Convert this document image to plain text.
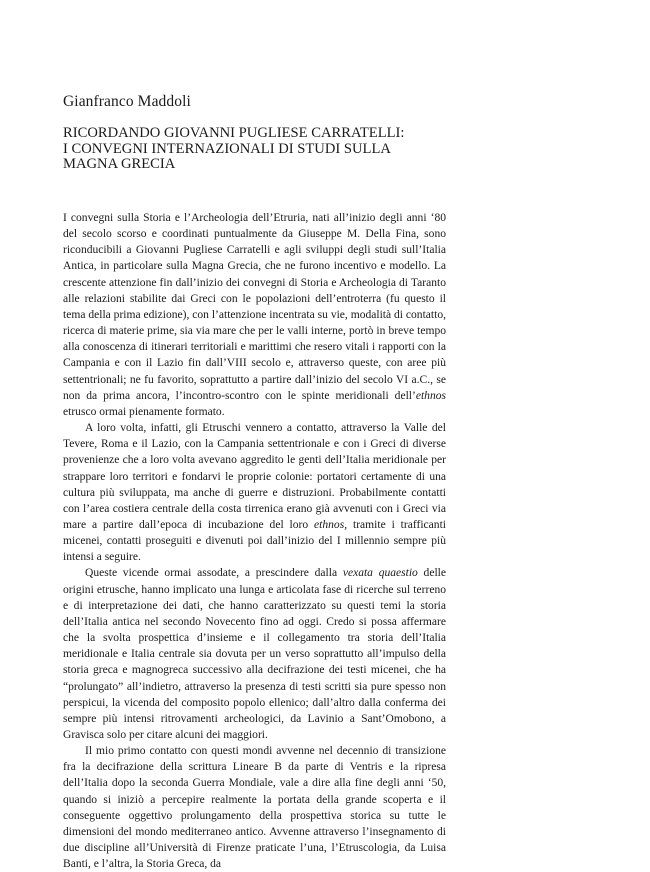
Gianfranco Maddoli
RICORDANDO GIOVANNI PUGLIESE CARRATELLI:
I CONVEGNI INTERNAZIONALI DI STUDI SULLA
MAGNA GRECIA

I convegni sulla Storia e l’Archeologia dell’Etruria, nati all’inizio degli anni ‘80 del secolo scorso e coordinati puntualmente da Giuseppe M. Della Fina, sono riconducibili a Giovanni Pugliese Carratelli e agli sviluppi degli studi sull’Italia Antica, in particolare sulla Magna Grecia, che ne furono incentivo e modello. La crescente attenzione fin dall’inizio dei convegni di Storia e Archeologia di Taranto alle relazioni stabilite dai Greci con le popolazioni dell’entroterra (fu questo il tema della prima edizione), con l’attenzione incentrata su vie, modalità di contatto, ricerca di materie prime, sia via mare che per le valli interne, portò in breve tempo alla conoscenza di itinerari territoriali e marittimi che resero vitali i rapporti con la Campania e con il Lazio fin dall’VIII secolo e, attraverso queste, con aree più settentrionali; ne fu favorito, soprattutto a partire dall’inizio del secolo VI a.C., se non da prima ancora, l’incontro-scontro con le spinte meridionali dell’ethnos etrusco ormai pienamente formato.

A loro volta, infatti, gli Etruschi vennero a contatto, attraverso la Valle del Tevere, Roma e il Lazio, con la Campania settentrionale e con i Greci di diverse provenienze che a loro volta avevano aggredito le genti dell’Italia meridionale per strappare loro territori e fondarvi le proprie colonie: portatori certamente di una cultura più sviluppata, ma anche di guerre e distruzioni. Probabilmente contatti con l’area costiera centrale della costa tirrenica erano già avvenuti con i Greci via mare a partire dall’epoca di incubazione del loro ethnos, tramite i trafficanti micenei, contatti proseguiti e divenuti poi dall’inizio del I millennio sempre più intensi a seguire.

Queste vicende ormai assodate, a prescindere dalla vexata quaestio delle origini etrusche, hanno implicato una lunga e articolata fase di ricerche sul terreno e di interpretazione dei dati, che hanno caratterizzato su questi temi la storia dell’Italia antica nel secondo Novecento fino ad oggi. Credo si possa affermare che la svolta prospettica d’insieme e il collegamento tra storia dell’Italia meridionale e Italia centrale sia dovuta per un verso soprattutto all’impulso della storia greca e magnogreca successivo alla decifrazione dei testi micenei, che ha “prolungato” all’indietro, attraverso la presenza di testi scritti sia pure spesso non perspicui, la vicenda del composito popolo ellenico; dall’altro dalla conferma dei sempre più intensi ritrovamenti archeologici, da Lavinio a Sant’Omobono, a Gravisca solo per citare alcuni dei maggiori.

Il mio primo contatto con questi mondi avvenne nel decennio di transizione fra la decifrazione della scrittura Lineare B da parte di Ventris e la ripresa dell’Italia dopo la seconda Guerra Mondiale, vale a dire alla fine degli anni ‘50, quando si iniziò a percepire realmente la portata della grande scoperta e il conseguente oggettivo prolungamento della prospettiva storica su tutte le dimensioni del mondo mediterraneo antico. Avvenne attraverso l’insegnamento di due discipline all’Università di Firenze praticate l’una, l’Etruscologia, da Luisa Banti, e l’altra, la Storia Greca, da
